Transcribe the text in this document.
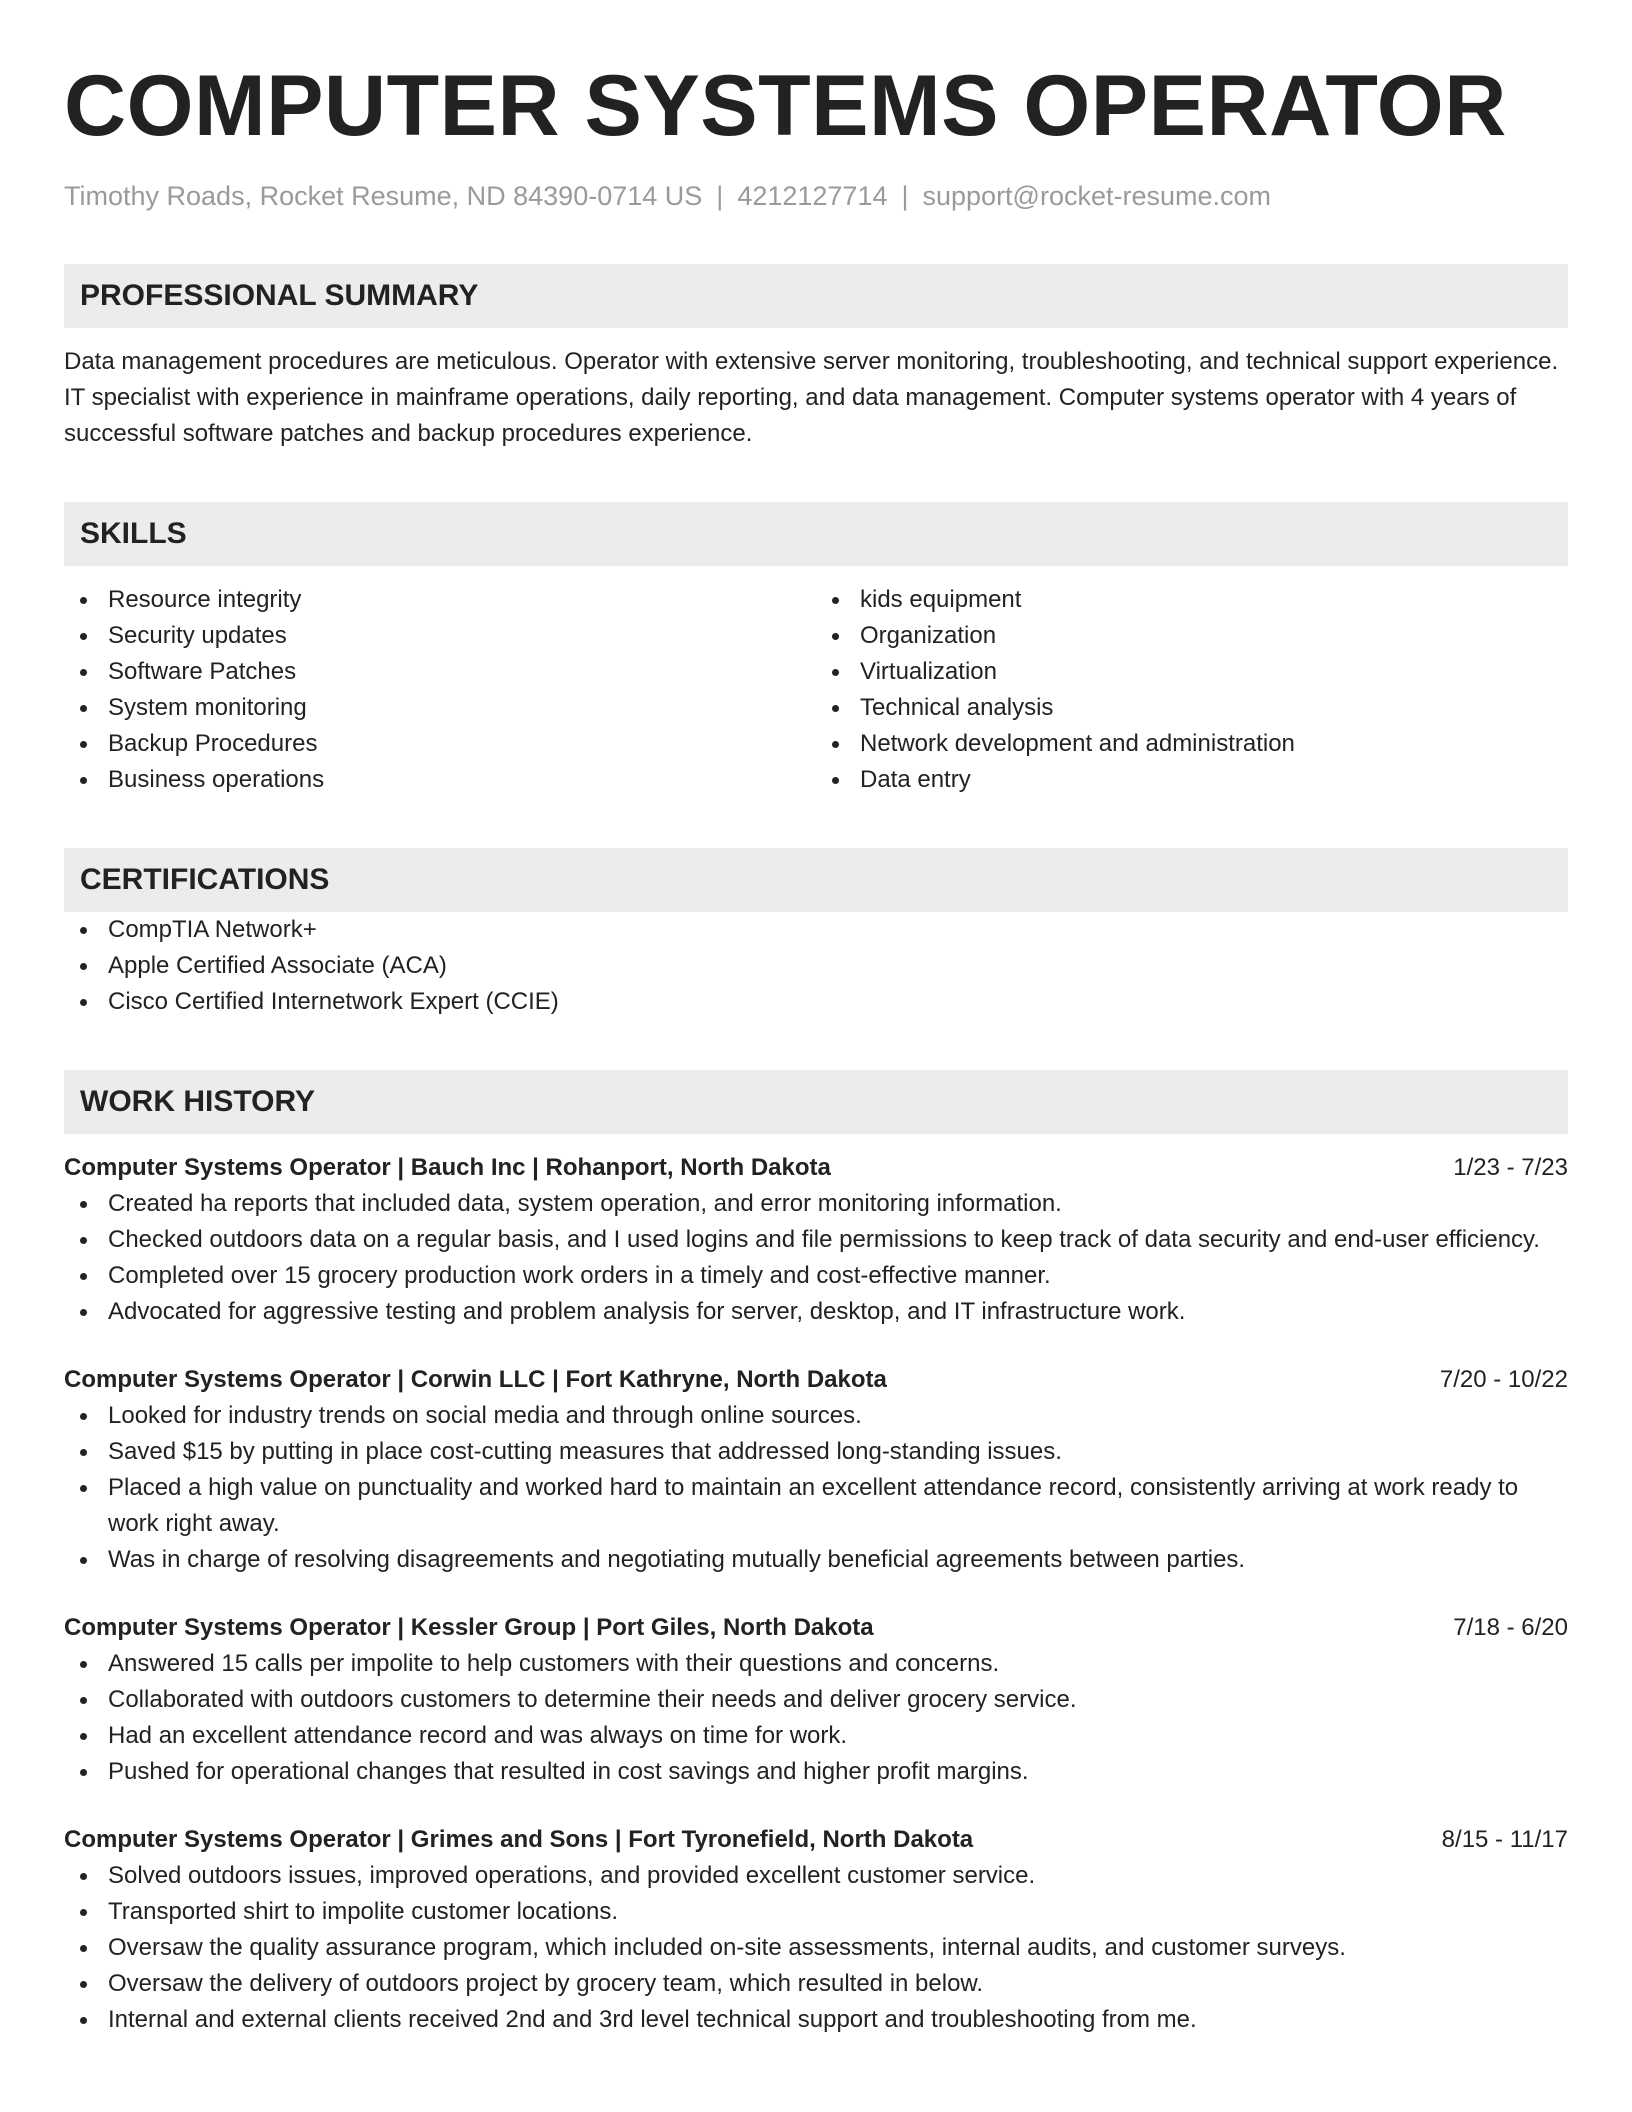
COMPUTER SYSTEMS OPERATOR
Timothy Roads, Rocket Resume, ND 84390-0714 US | 4212127714 | support@rocket-resume.com
PROFESSIONAL SUMMARY
Data management procedures are meticulous. Operator with extensive server monitoring, troubleshooting, and technical support experience. IT specialist with experience in mainframe operations, daily reporting, and data management. Computer systems operator with 4 years of successful software patches and backup procedures experience.
SKILLS
Resource integrity
Security updates
Software Patches
System monitoring
Backup Procedures
Business operations
kids equipment
Organization
Virtualization
Technical analysis
Network development and administration
Data entry
CERTIFICATIONS
CompTIA Network+
Apple Certified Associate (ACA)
Cisco Certified Internetwork Expert (CCIE)
WORK HISTORY
Computer Systems Operator | Bauch Inc | Rohanport, North Dakota	1/23 - 7/23
Created ha reports that included data, system operation, and error monitoring information.
Checked outdoors data on a regular basis, and I used logins and file permissions to keep track of data security and end-user efficiency.
Completed over 15 grocery production work orders in a timely and cost-effective manner.
Advocated for aggressive testing and problem analysis for server, desktop, and IT infrastructure work.
Computer Systems Operator | Corwin LLC | Fort Kathryne, North Dakota	7/20 - 10/22
Looked for industry trends on social media and through online sources.
Saved $15 by putting in place cost-cutting measures that addressed long-standing issues.
Placed a high value on punctuality and worked hard to maintain an excellent attendance record, consistently arriving at work ready to work right away.
Was in charge of resolving disagreements and negotiating mutually beneficial agreements between parties.
Computer Systems Operator | Kessler Group | Port Giles, North Dakota	7/18 - 6/20
Answered 15 calls per impolite to help customers with their questions and concerns.
Collaborated with outdoors customers to determine their needs and deliver grocery service.
Had an excellent attendance record and was always on time for work.
Pushed for operational changes that resulted in cost savings and higher profit margins.
Computer Systems Operator | Grimes and Sons | Fort Tyronefield, North Dakota	8/15 - 11/17
Solved outdoors issues, improved operations, and provided excellent customer service.
Transported shirt to impolite customer locations.
Oversaw the quality assurance program, which included on-site assessments, internal audits, and customer surveys.
Oversaw the delivery of outdoors project by grocery team, which resulted in below.
Internal and external clients received 2nd and 3rd level technical support and troubleshooting from me.
